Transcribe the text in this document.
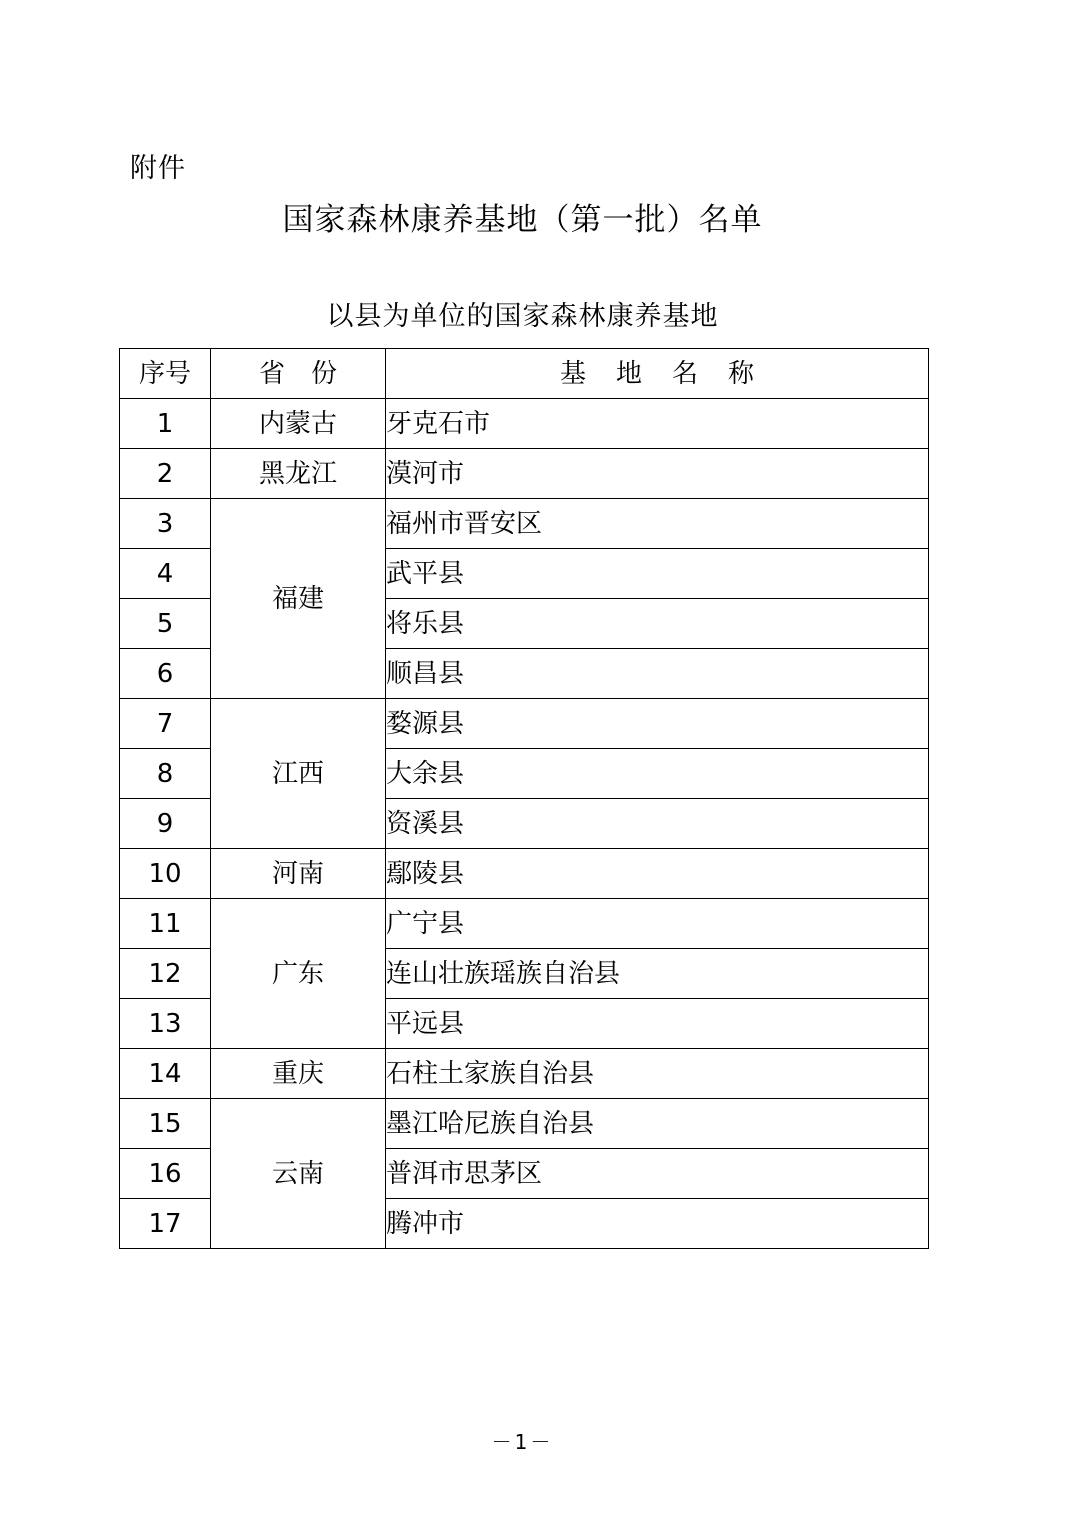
附件
国家森林康养基地（第一批）名单
以县为单位的国家森林康养基地
序号	省份	基地名称
1	内蒙古	牙克石市
2	黑龙江	漠河市
3	福建	福州市晋安区
4		武平县
5		将乐县
6		顺昌县
7	江西	婺源县
8		大余县
9		资溪县
10	河南	鄢陵县
11	广东	广宁县
12		连山壮族瑶族自治县
13		平远县
14	重庆	石柱土家族自治县
15	云南	墨江哈尼族自治县
16		普洱市思茅区
17		腾冲市
－1－
